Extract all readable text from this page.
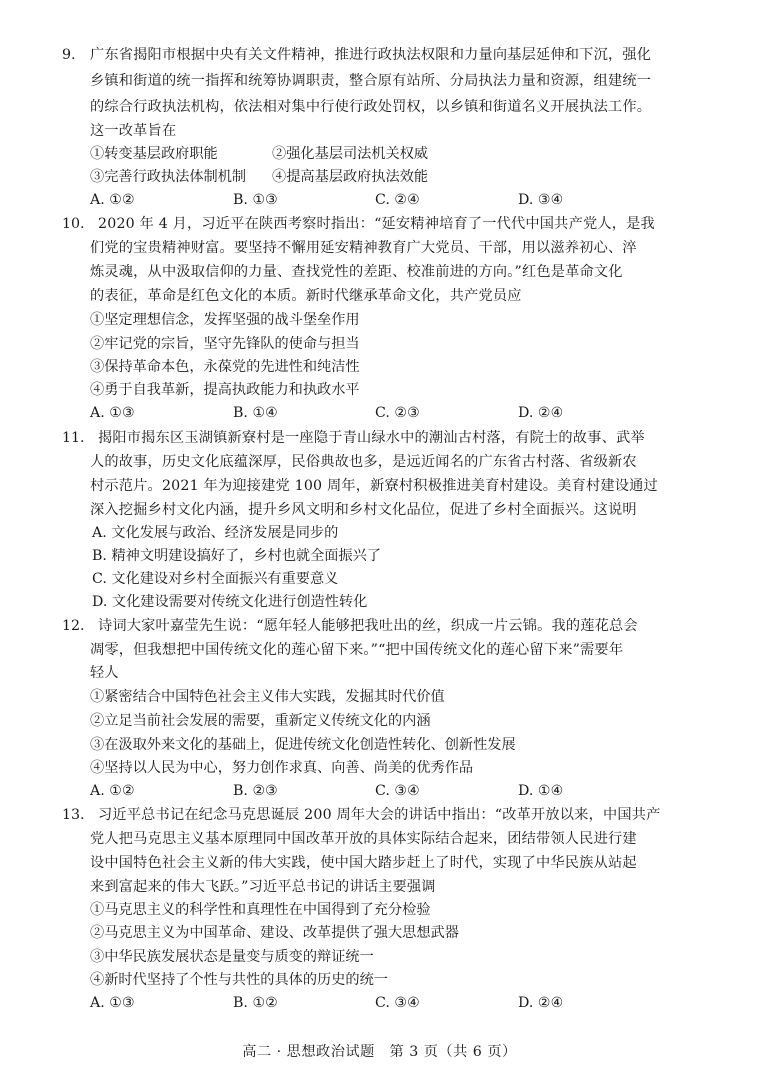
9. 广东省揭阳市根据中央有关文件精神，推进行政执法权限和力量向基层延伸和下沉，强化
乡镇和街道的统一指挥和统筹协调职责，整合原有站所、分局执法力量和资源，组建统一
的综合行政执法机构，依法相对集中行使行政处罚权，以乡镇和街道名义开展执法工作。
这一改革旨在
①转变基层政府职能	②强化基层司法机关权威
③完善行政执法体制机制 ④提高基层政府执法效能
A. ①②	B. ①③	C. ②④	D. ③④
10. 2020 年 4 月，习近平在陕西考察时指出：“延安精神培育了一代代中国共产党人，是我
们党的宝贵精神财富。要坚持不懈用延安精神教育广大党员、干部，用以滋养初心、淬
炼灵魂，从中汲取信仰的力量、查找党性的差距、校准前进的方向。”红色是革命文化
的表征，革命是红色文化的本质。新时代继承革命文化，共产党员应
①坚定理想信念，发挥坚强的战斗堡垒作用
②牢记党的宗旨，坚守先锋队的使命与担当
③保持革命本色，永葆党的先进性和纯洁性
④勇于自我革新，提高执政能力和执政水平
A. ①③	B. ①④	C. ②③	D. ②④
11. 揭阳市揭东区玉湖镇新寮村是一座隐于青山绿水中的潮汕古村落，有院士的故事、武举
人的故事，历史文化底蕴深厚，民俗典故也多，是远近闻名的广东省古村落、省级新农
村示范片。2021 年为迎接建党 100 周年，新寮村积极推进美育村建设。美育村建设通过
深入挖掘乡村文化内涵，提升乡风文明和乡村文化品位，促进了乡村全面振兴。这说明
A. 文化发展与政治、经济发展是同步的
B. 精神文明建设搞好了，乡村也就全面振兴了
C. 文化建设对乡村全面振兴有重要意义
D. 文化建设需要对传统文化进行创造性转化
12. 诗词大家叶嘉莹先生说：“愿年轻人能够把我吐出的丝，织成一片云锦。我的莲花总会
凋零，但我想把中国传统文化的莲心留下来。”“把中国传统文化的莲心留下来”需要年
轻人
①紧密结合中国特色社会主义伟大实践，发掘其时代价值
②立足当前社会发展的需要，重新定义传统文化的内涵
③在汲取外来文化的基础上，促进传统文化创造性转化、创新性发展
④坚持以人民为中心，努力创作求真、向善、尚美的优秀作品
A. ①②	B. ②③	C. ③④	D. ①④
13. 习近平总书记在纪念马克思诞辰 200 周年大会的讲话中指出：“改革开放以来，中国共产
党人把马克思主义基本原理同中国改革开放的具体实际结合起来，团结带领人民进行建
设中国特色社会主义新的伟大实践，使中国大踏步赶上了时代，实现了中华民族从站起
来到富起来的伟大飞跃。”习近平总书记的讲话主要强调
①马克思主义的科学性和真理性在中国得到了充分检验
②马克思主义为中国革命、建设、改革提供了强大思想武器
③中华民族发展状态是量变与质变的辩证统一
④新时代坚持了个性与共性的具体的历史的统一
A. ①③	B. ①②	C. ③④	D. ②④
高二 · 思想政治试题　第 3 页（共 6 页）
